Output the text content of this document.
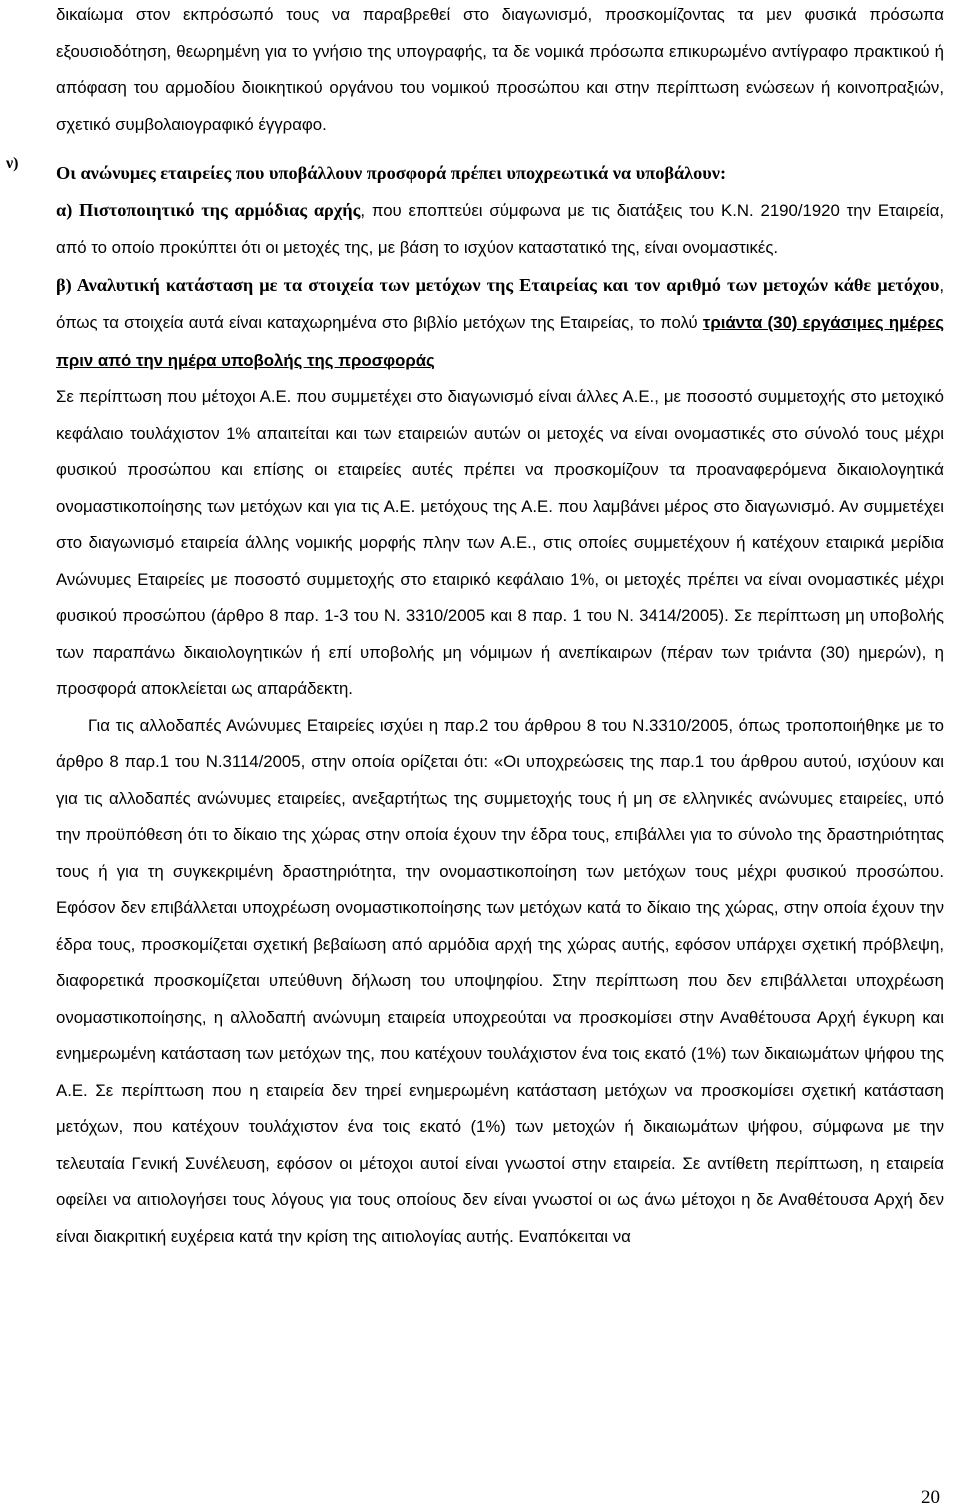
δικαίωμα στον εκπρόσωπό τους να παραβρεθεί στο διαγωνισμό, προσκομίζοντας τα μεν φυσικά πρόσωπα εξουσιοδότηση, θεωρημένη για το γνήσιο της υπογραφής, τα δε νομικά πρόσωπα επικυρωμένο αντίγραφο πρακτικού ή απόφαση του αρμοδίου διοικητικού οργάνου του νομικού προσώπου και στην περίπτωση ενώσεων ή κοινοπραξιών, σχετικό συμβολαιογραφικό έγγραφο.

ν) Οι ανώνυμες εταιρείες που υποβάλλουν προσφορά πρέπει υποχρεωτικά να υποβάλουν:

α) Πιστοποιητικό της αρμόδιας αρχής, που εποπτεύει σύμφωνα με τις διατάξεις του Κ.Ν. 2190/1920 την Εταιρεία, από το οποίο προκύπτει ότι οι μετοχές της, με βάση το ισχύον καταστατικό της, είναι ονομαστικές.

β) Αναλυτική κατάσταση με τα στοιχεία των μετόχων της Εταιρείας και τον αριθμό των μετοχών κάθε μετόχου, όπως τα στοιχεία αυτά είναι καταχωρημένα στο βιβλίο μετόχων της Εταιρείας, το πολύ τριάντα (30) εργάσιμες ημέρες πριν από την ημέρα υποβολής της προσφοράς

Σε περίπτωση που μέτοχοι Α.Ε. που συμμετέχει στο διαγωνισμό είναι άλλες Α.Ε., με ποσοστό συμμετοχής στο μετοχικό κεφάλαιο τουλάχιστον 1% απαιτείται και των εταιρειών αυτών οι μετοχές να είναι ονομαστικές στο σύνολό τους μέχρι φυσικού προσώπου και επίσης οι εταιρείες αυτές πρέπει να προσκομίζουν τα προαναφερόμενα δικαιολογητικά ονομαστικοποίησης των μετόχων και για τις Α.Ε. μετόχους της Α.Ε. που λαμβάνει μέρος στο διαγωνισμό. Αν συμμετέχει στο διαγωνισμό εταιρεία άλλης νομικής μορφής πλην των Α.Ε., στις οποίες συμμετέχουν ή κατέχουν εταιρικά μερίδια Ανώνυμες Εταιρείες με ποσοστό συμμετοχής στο εταιρικό κεφάλαιο 1%, οι μετοχές πρέπει να είναι ονομαστικές μέχρι φυσικού προσώπου (άρθρο 8 παρ. 1-3 του Ν. 3310/2005 και 8 παρ. 1 του Ν. 3414/2005). Σε περίπτωση μη υποβολής των παραπάνω δικαιολογητικών ή επί υποβολής μη νόμιμων ή ανεπίκαιρων (πέραν των τριάντα (30) ημερών), η προσφορά αποκλείεται ως απαράδεκτη.

Για τις αλλοδαπές Ανώνυμες Εταιρείες ισχύει η παρ.2 του άρθρου 8 του Ν.3310/2005, όπως τροποποιήθηκε με το άρθρο 8 παρ.1 του Ν.3114/2005, στην οποία ορίζεται ότι: «Οι υποχρεώσεις της παρ.1 του άρθρου αυτού, ισχύουν και για τις αλλοδαπές ανώνυμες εταιρείες, ανεξαρτήτως της συμμετοχής τους ή μη σε ελληνικές ανώνυμες εταιρείες, υπό την προϋπόθεση ότι το δίκαιο της χώρας στην οποία έχουν την έδρα τους, επιβάλλει για το σύνολο της δραστηριότητας τους ή για τη συγκεκριμένη δραστηριότητα, την ονομαστικοποίηση των μετόχων τους μέχρι φυσικού προσώπου. Εφόσον δεν επιβάλλεται υποχρέωση ονομαστικοποίησης των μετόχων κατά το δίκαιο της χώρας, στην οποία έχουν την έδρα τους, προσκομίζεται σχετική βεβαίωση από αρμόδια αρχή της χώρας αυτής, εφόσον υπάρχει σχετική πρόβλεψη, διαφορετικά προσκομίζεται υπεύθυνη δήλωση του υποψηφίου. Στην περίπτωση που δεν επιβάλλεται υποχρέωση ονομαστικοποίησης, η αλλοδαπή ανώνυμη εταιρεία υποχρεούται να προσκομίσει στην Αναθέτουσα Αρχή έγκυρη και ενημερωμένη κατάσταση των μετόχων της, που κατέχουν τουλάχιστον ένα τοις εκατό (1%) των δικαιωμάτων ψήφου της Α.Ε. Σε περίπτωση που η εταιρεία δεν τηρεί ενημερωμένη κατάσταση μετόχων να προσκομίσει σχετική κατάσταση μετόχων, που κατέχουν τουλάχιστον ένα τοις εκατό (1%) των μετοχών ή δικαιωμάτων ψήφου, σύμφωνα με την τελευταία Γενική Συνέλευση, εφόσον οι μέτοχοι αυτοί είναι γνωστοί στην εταιρεία. Σε αντίθετη περίπτωση, η εταιρεία οφείλει να αιτιολογήσει τους λόγους για τους οποίους δεν είναι γνωστοί οι ως άνω μέτοχοι η δε Αναθέτουσα Αρχή δεν είναι διακριτική ευχέρεια κατά την κρίση της αιτιολογίας αυτής. Εναπόκειται να

20
